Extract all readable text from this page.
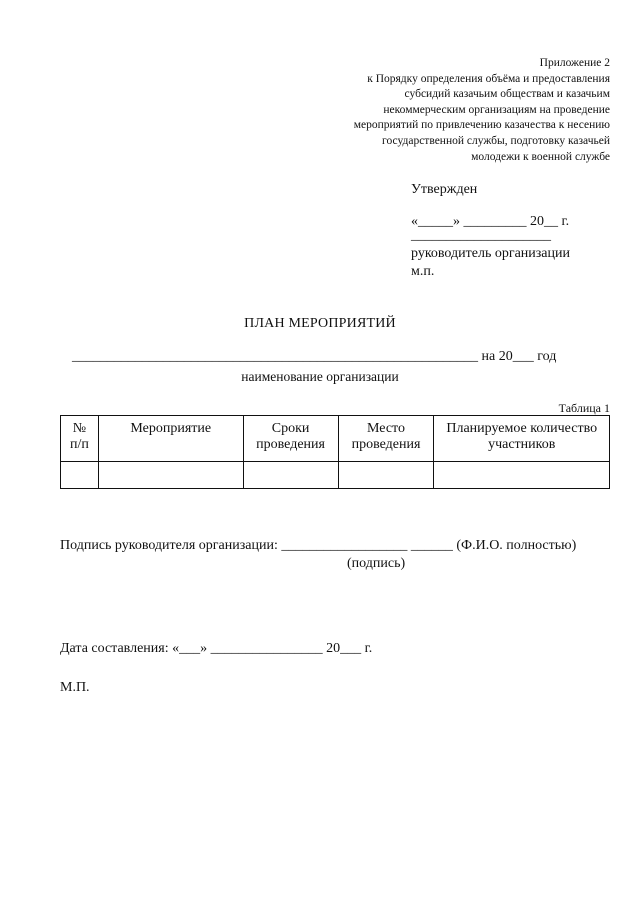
Приложение 2
к Порядку определения объёма и предоставления
субсидий казачьим обществам и казачьим
некоммерческим организациям на проведение
мероприятий по привлечению казачества к несению
государственной службы, подготовку казачьей
молодежи к военной службе
Утвержден
«_____» _________ 20__ г.
____________________
руководитель организации
м.п.
ПЛАН МЕРОПРИЯТИЙ
__________________________________________________________ на 20___ год
наименование организации
Таблица 1
№ п/п	Мероприятие	Сроки проведения	Место проведения	Планируемое количество участников

Подпись руководителя организации: __________________ ______ (Ф.И.О. полностью)
(подпись)
Дата составления: «___» ________________ 20___ г.
М.П.
